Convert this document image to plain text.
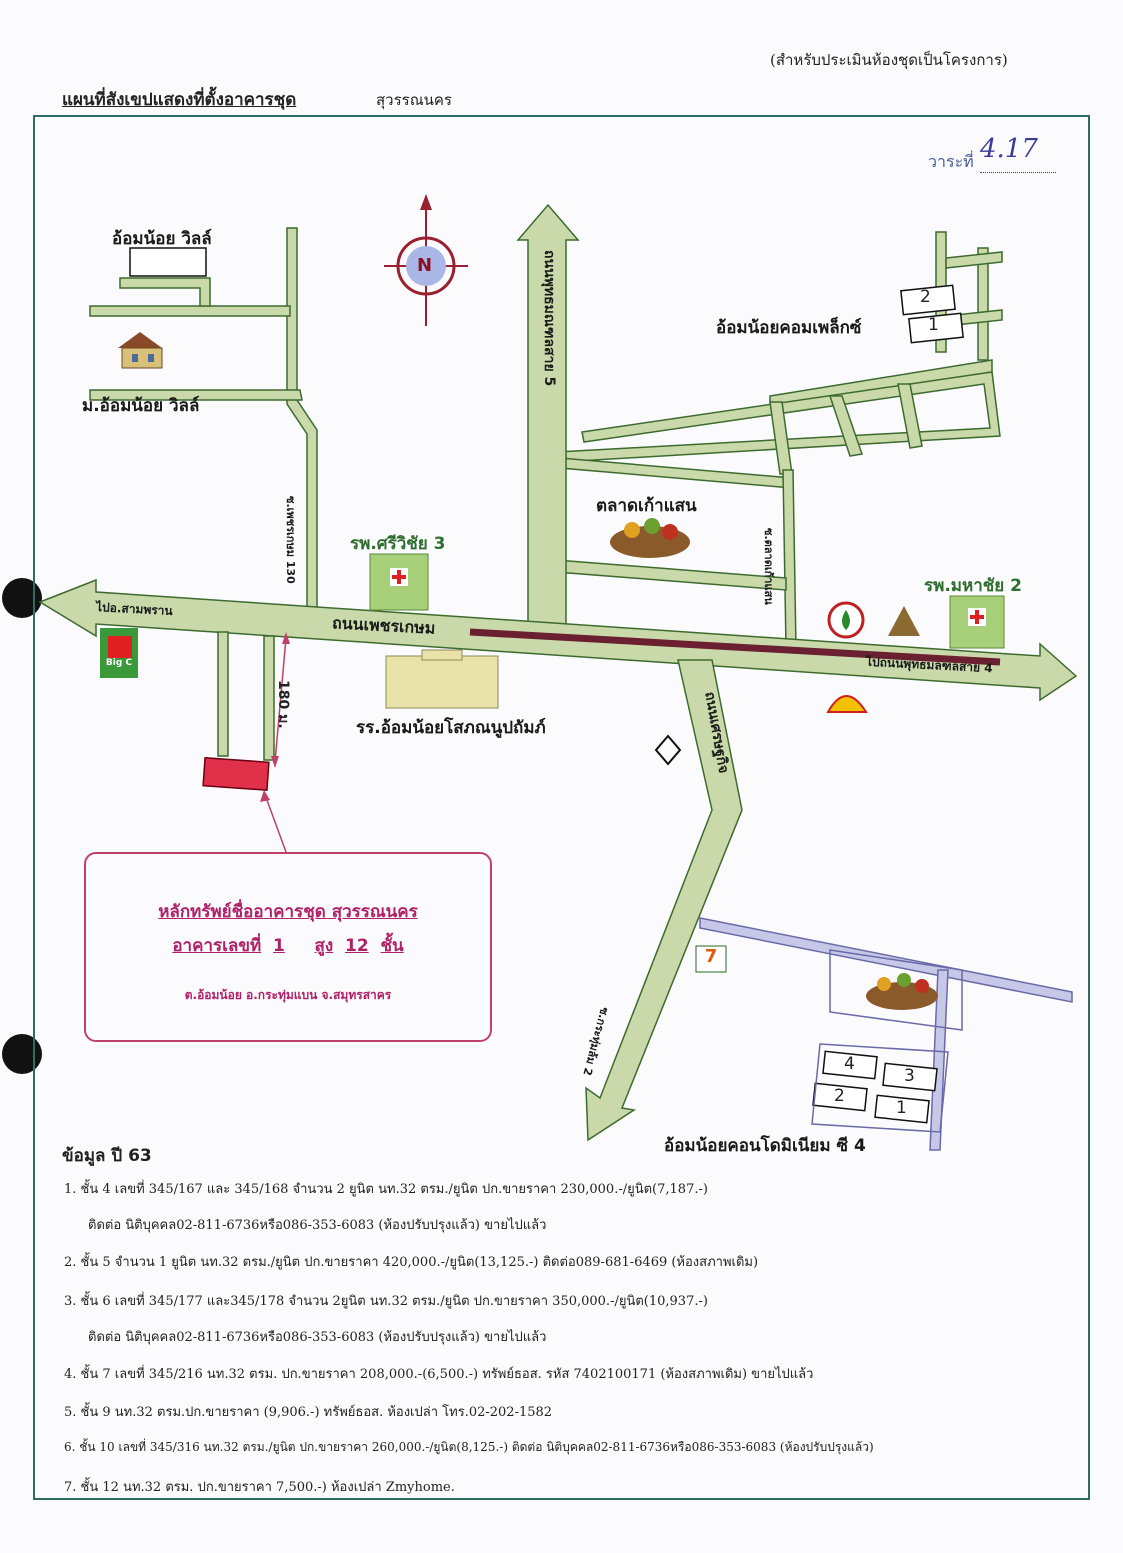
(สำหรับประเมินห้องชุดเป็นโครงการ)
แผนที่สังเขปแสดงที่ตั้งอาคารชุด	สุวรรณนคร
วาระที่ 4.17
N
อ้อมน้อย วิลล์
ม.อ้อมน้อย วิลล์
อ้อมน้อยคอมเพล็กซ์
ตลาดเก้าแสน
รพ.ศรีวิชัย 3
รพ.มหาชัย 2
รร.อ้อมน้อยโสภณนูปถัมภ์
อ้อมน้อยคอนโดมิเนียม ซี 4
ไปอ.สามพราน
ไปถนนพุทธมลฑลสาย 4
ถนนเพชรเกษม
Big C
7
ถนนพุทธมณฑลสาย 5
ถนนเศรษฐกิจ
ซ.เพชรเกษม 130	ซ.ตลาดเก้าแสน
ซ.กระทุ่มล้ม 2
180 ม.
2
1
4
3
2
1
หลักทรัพย์ชื่ออาคารชุด สุวรรณนคร
อาคารเลขที่ 1 สูง 12 ชั้น
ต.อ้อมน้อย อ.กระทุ่มแบน จ.สมุทรสาคร
ข้อมูล ปี 63
1. ชั้น 4 เลขที่ 345/167 และ 345/168 จำนวน 2 ยูนิต นท.32 ตรม./ยูนิต ปก.ขายราคา 230,000.-/ยูนิต(7,187.-)
ติดต่อ นิติบุคคล02-811-6736หรือ086-353-6083 (ห้องปรับปรุงแล้ว) ขายไปแล้ว
2. ชั้น 5 จำนวน 1 ยูนิต นท.32 ตรม./ยูนิต ปก.ขายราคา 420,000.-/ยูนิต(13,125.-) ติดต่อ089-681-6469 (ห้องสภาพเดิม)
3. ชั้น 6 เลขที่ 345/177 และ345/178 จำนวน 2ยูนิต นท.32 ตรม./ยูนิต ปก.ขายราคา 350,000.-/ยูนิต(10,937.-)
ติดต่อ นิติบุคคล02-811-6736หรือ086-353-6083 (ห้องปรับปรุงแล้ว) ขายไปแล้ว
4. ชั้น 7 เลขที่ 345/216 นท.32 ตรม. ปก.ขายราคา 208,000.-(6,500.-) ทรัพย์ธอส. รหัส 7402100171 (ห้องสภาพเดิม) ขายไปแล้ว
5. ชั้น 9 นท.32 ตรม.ปก.ขายราคา (9,906.-) ทรัพย์ธอส. ห้องเปล่า โทร.02-202-1582
6. ชั้น 10 เลขที่ 345/316 นท.32 ตรม./ยูนิต ปก.ขายราคา 260,000.-/ยูนิต(8,125.-) ติดต่อ นิติบุคคล02-811-6736หรือ086-353-6083 (ห้องปรับปรุงแล้ว)
7. ชั้น 12 นท.32 ตรม. ปก.ขายราคา 7,500.-) ห้องเปล่า Zmyhome.
